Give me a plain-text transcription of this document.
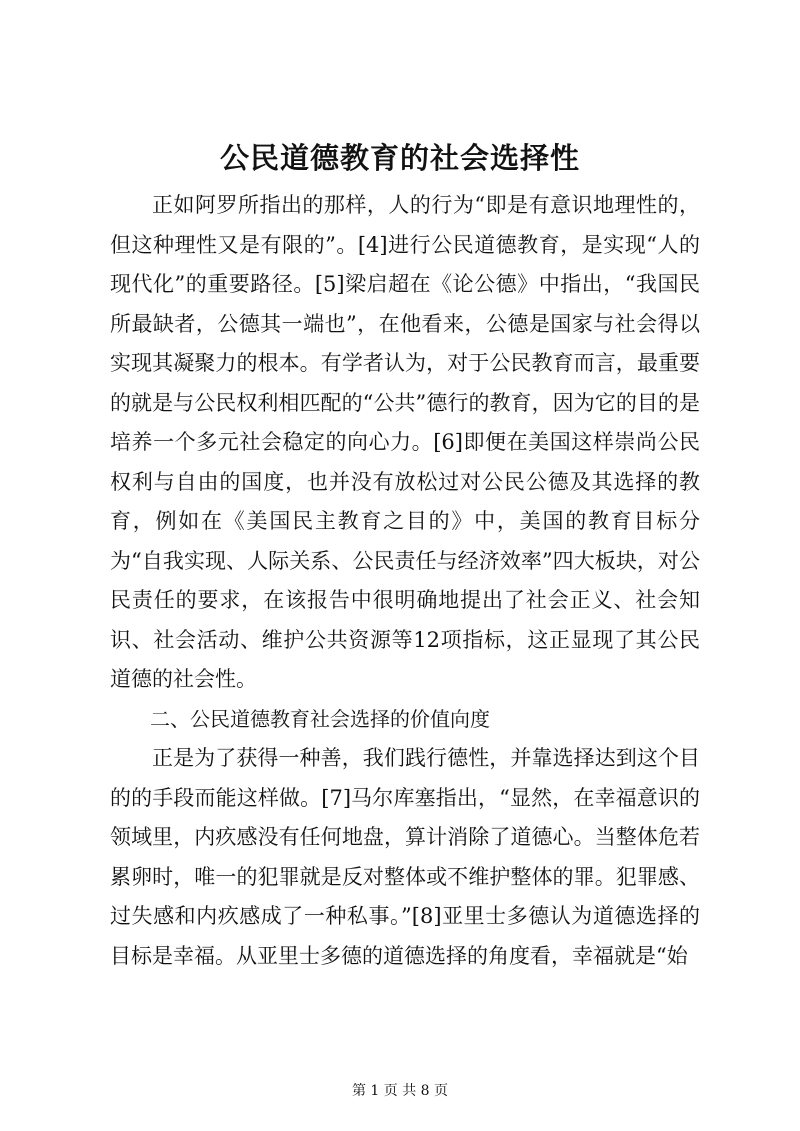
公民道德教育的社会选择性

正如阿罗所指出的那样，人的行为“即是有意识地理性的，但这种理性又是有限的”。[4]进行公民道德教育，是实现“人的现代化”的重要路径。[5]梁启超在《论公德》中指出，“我国民所最缺者，公德其一端也”，在他看来，公德是国家与社会得以实现其凝聚力的根本。有学者认为，对于公民教育而言，最重要的就是与公民权利相匹配的“公共”德行的教育，因为它的目的是培养一个多元社会稳定的向心力。[6]即便在美国这样崇尚公民权利与自由的国度，也并没有放松过对公民公德及其选择的教育，例如在《美国民主教育之目的》中，美国的教育目标分为“自我实现、人际关系、公民责任与经济效率”四大板块，对公民责任的要求，在该报告中很明确地提出了社会正义、社会知识、社会活动、维护公共资源等12项指标，这正显现了其公民道德的社会性。

二、公民道德教育社会选择的价值向度

正是为了获得一种善，我们践行德性，并靠选择达到这个目的的手段而能这样做。[7]马尔库塞指出，“显然，在幸福意识的领域里，内疚感没有任何地盘，算计消除了道德心。当整体危若累卵时，唯一的犯罪就是反对整体或不维护整体的罪。犯罪感、过失感和内疚感成了一种私事。”[8]亚里士多德认为道德选择的目标是幸福。从亚里士多德的道德选择的角度看，幸福就是“始

第 1 页 共 8 页
